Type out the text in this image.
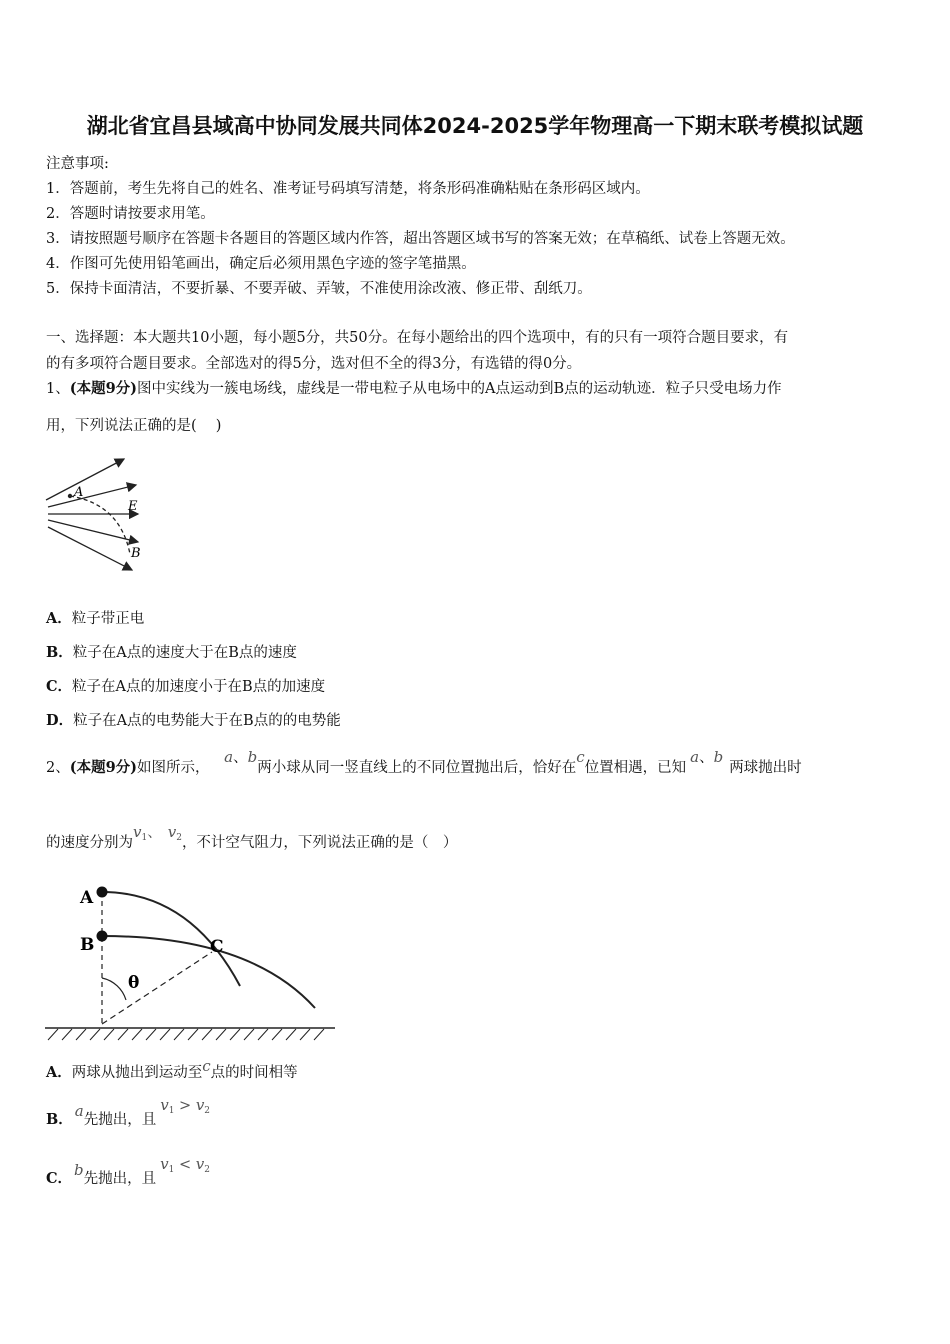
湖北省宜昌县域高中协同发展共同体2024-2025学年物理高一下期末联考模拟试题
注意事项:
1．答题前，考生先将自己的姓名、准考证号码填写清楚，将条形码准确粘贴在条形码区域内。
2．答题时请按要求用笔。
3．请按照题号顺序在答题卡各题目的答题区域内作答，超出答题区域书写的答案无效；在草稿纸、试卷上答题无效。
4．作图可先使用铅笔画出，确定后必须用黑色字迹的签字笔描黑。
5．保持卡面清洁，不要折暴、不要弄破、弄皱，不准使用涂改液、修正带、刮纸刀。
一、选择题：本大题共10小题，每小题5分，共50分。在每小题给出的四个选项中，有的只有一项符合题目要求，有
的有多项符合题目要求。全部选对的得5分，选对但不全的得3分，有选错的得0分。
1、(本题9分)图中实线为一簇电场线，虚线是一带电粒子从电场中的A点运动到B点的运动轨迹．粒子只受电场力作
用，下列说法正确的是(　 )
A
E
B
A．粒子带正电
B．粒子在A点的速度大于在B点的速度
C．粒子在A点的加速度小于在B点的加速度
D．粒子在A点的电势能大于在B点的的电势能
2、(本题9分)如图所示， a、b两小球从同一竖直线上的不同位置抛出后，恰好在c位置相遇，已知a、b两球抛出时
的速度分别为$v^1$、 $v^2$，不计空气阻力，下列说法正确的是（　）
A
B	C
θ
A．两球从抛出到运动至c点的时间相等
B． a先抛出，且$v_1 > v_2$
C． b先抛出，且$v_1 < v_2$
